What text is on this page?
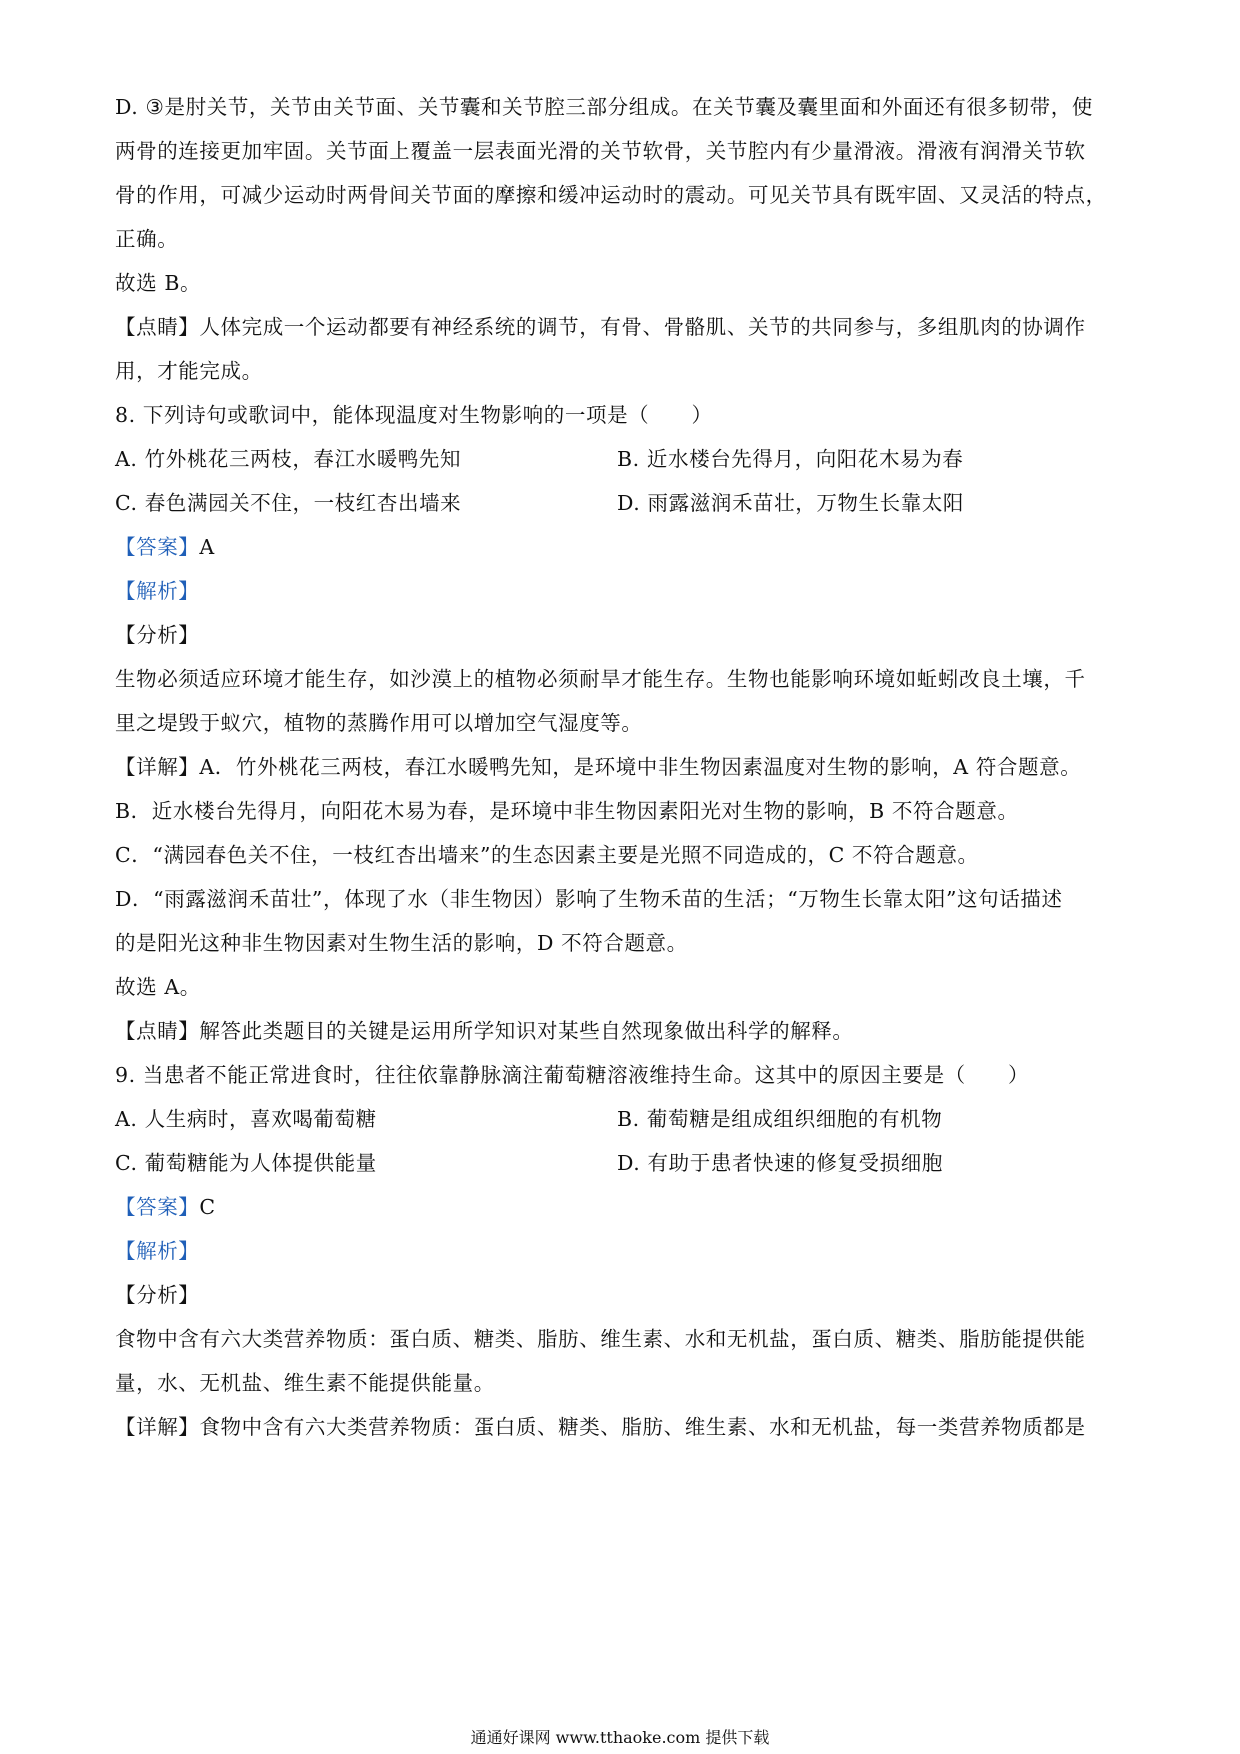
D. ③是肘关节，关节由关节面、关节囊和关节腔三部分组成。在关节囊及囊里面和外面还有很多韧带，使
两骨的连接更加牢固。关节面上覆盖一层表面光滑的关节软骨，关节腔内有少量滑液。滑液有润滑关节软
骨的作用，可减少运动时两骨间关节面的摩擦和缓冲运动时的震动。可见关节具有既牢固、又灵活的特点，
正确。
故选 B。
【点睛】人体完成一个运动都要有神经系统的调节，有骨、骨骼肌、关节的共同参与，多组肌肉的协调作
用，才能完成。
8. 下列诗句或歌词中，能体现温度对生物影响的一项是（　　）
A. 竹外桃花三两枝，春江水暖鸭先知	B. 近水楼台先得月，向阳花木易为春
C. 春色满园关不住，一枝红杏出墙来	D. 雨露滋润禾苗壮，万物生长靠太阳
【答案】A
【解析】
【分析】
生物必须适应环境才能生存，如沙漠上的植物必须耐旱才能生存。生物也能影响环境如蚯蚓改良土壤，千
里之堤毁于蚁穴，植物的蒸腾作用可以增加空气湿度等。
【详解】A．竹外桃花三两枝，春江水暖鸭先知，是环境中非生物因素温度对生物的影响，A 符合题意。
B．近水楼台先得月，向阳花木易为春，是环境中非生物因素阳光对生物的影响，B 不符合题意。
C．“满园春色关不住，一枝红杏出墙来”的生态因素主要是光照不同造成的，C 不符合题意。
D．“雨露滋润禾苗壮”，体现了水（非生物因）影响了生物禾苗的生活；“万物生长靠太阳”这句话描述
的是阳光这种非生物因素对生物生活的影响，D 不符合题意。
故选 A。
【点睛】解答此类题目的关键是运用所学知识对某些自然现象做出科学的解释。
9. 当患者不能正常进食时，往往依靠静脉滴注葡萄糖溶液维持生命。这其中的原因主要是（　　）
A. 人生病时，喜欢喝葡萄糖	B. 葡萄糖是组成组织细胞的有机物
C. 葡萄糖能为人体提供能量	D. 有助于患者快速的修复受损细胞
【答案】C
【解析】
【分析】
食物中含有六大类营养物质：蛋白质、糖类、脂肪、维生素、水和无机盐，蛋白质、糖类、脂肪能提供能
量，水、无机盐、维生素不能提供能量。
【详解】食物中含有六大类营养物质：蛋白质、糖类、脂肪、维生素、水和无机盐，每一类营养物质都是
通通好课网 www.tthaoke.com 提供下载
